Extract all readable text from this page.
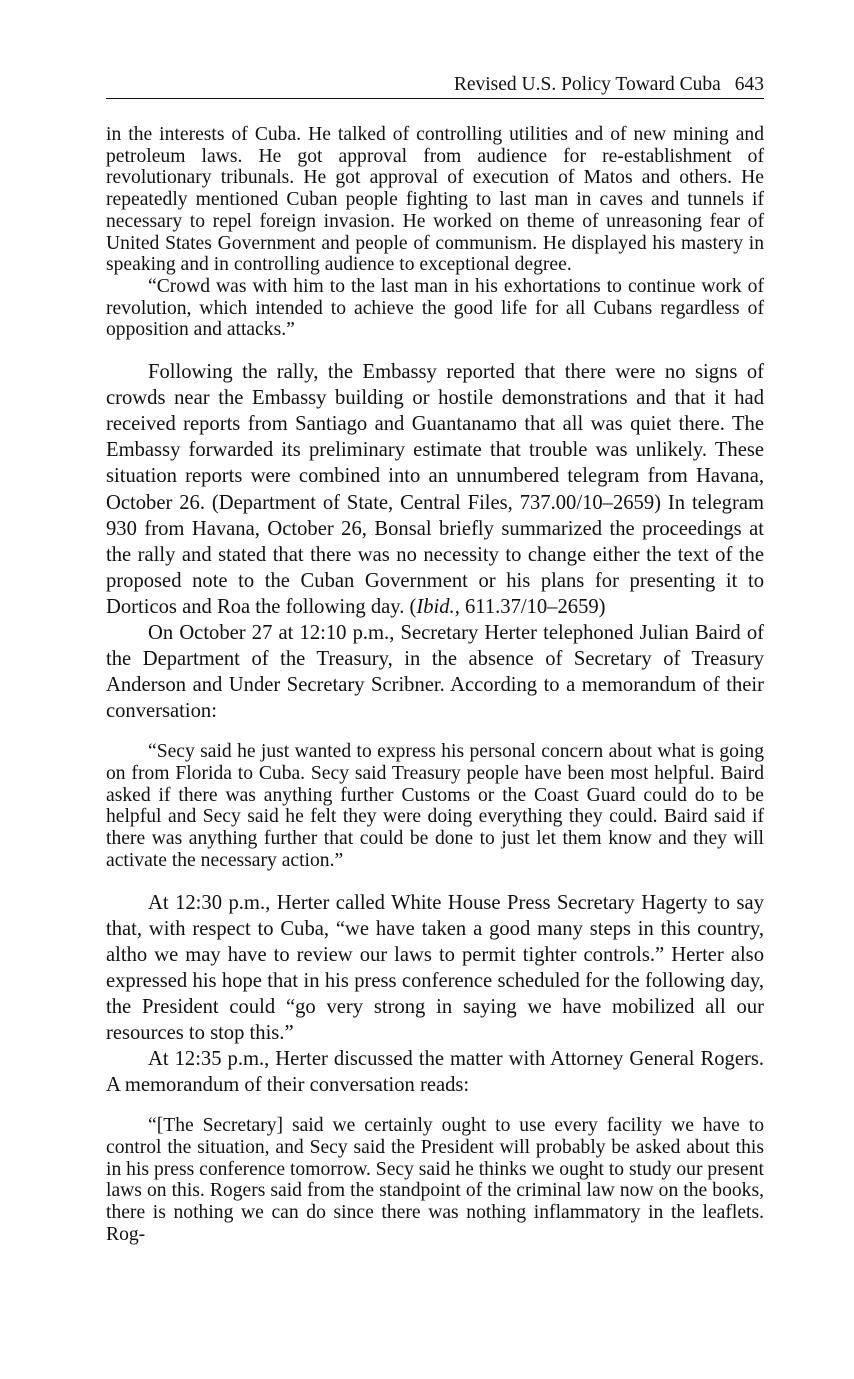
Revised U.S. Policy Toward Cuba 643

in the interests of Cuba. He talked of controlling utilities and of new mining and petroleum laws. He got approval from audience for re-establishment of revolutionary tribunals. He got approval of execution of Matos and others. He repeatedly mentioned Cuban people fighting to last man in caves and tunnels if necessary to repel foreign invasion. He worked on theme of unreasoning fear of United States Government and people of communism. He displayed his mastery in speaking and in controlling audience to exceptional degree.

“Crowd was with him to the last man in his exhortations to continue work of revolution, which intended to achieve the good life for all Cubans regardless of opposition and attacks.”

Following the rally, the Embassy reported that there were no signs of crowds near the Embassy building or hostile demonstrations and that it had received reports from Santiago and Guantanamo that all was quiet there. The Embassy forwarded its preliminary estimate that trouble was unlikely. These situation reports were combined into an unnumbered telegram from Havana, October 26. (Department of State, Central Files, 737.00/10–2659) In telegram 930 from Havana, October 26, Bonsal briefly summarized the proceedings at the rally and stated that there was no necessity to change either the text of the proposed note to the Cuban Government or his plans for presenting it to Dorticos and Roa the following day. (Ibid., 611.37/10–2659)

On October 27 at 12:10 p.m., Secretary Herter telephoned Julian Baird of the Department of the Treasury, in the absence of Secretary of Treasury Anderson and Under Secretary Scribner. According to a memorandum of their conversation:

“Secy said he just wanted to express his personal concern about what is going on from Florida to Cuba. Secy said Treasury people have been most helpful. Baird asked if there was anything further Customs or the Coast Guard could do to be helpful and Secy said he felt they were doing everything they could. Baird said if there was anything further that could be done to just let them know and they will activate the necessary action.”

At 12:30 p.m., Herter called White House Press Secretary Hagerty to say that, with respect to Cuba, “we have taken a good many steps in this country, altho we may have to review our laws to permit tighter controls.” Herter also expressed his hope that in his press conference scheduled for the following day, the President could “go very strong in saying we have mobilized all our resources to stop this.”

At 12:35 p.m., Herter discussed the matter with Attorney General Rogers. A memorandum of their conversation reads:

“[The Secretary] said we certainly ought to use every facility we have to control the situation, and Secy said the President will probably be asked about this in his press conference tomorrow. Secy said he thinks we ought to study our present laws on this. Rogers said from the standpoint of the criminal law now on the books, there is nothing we can do since there was nothing inflammatory in the leaflets. Rog-
